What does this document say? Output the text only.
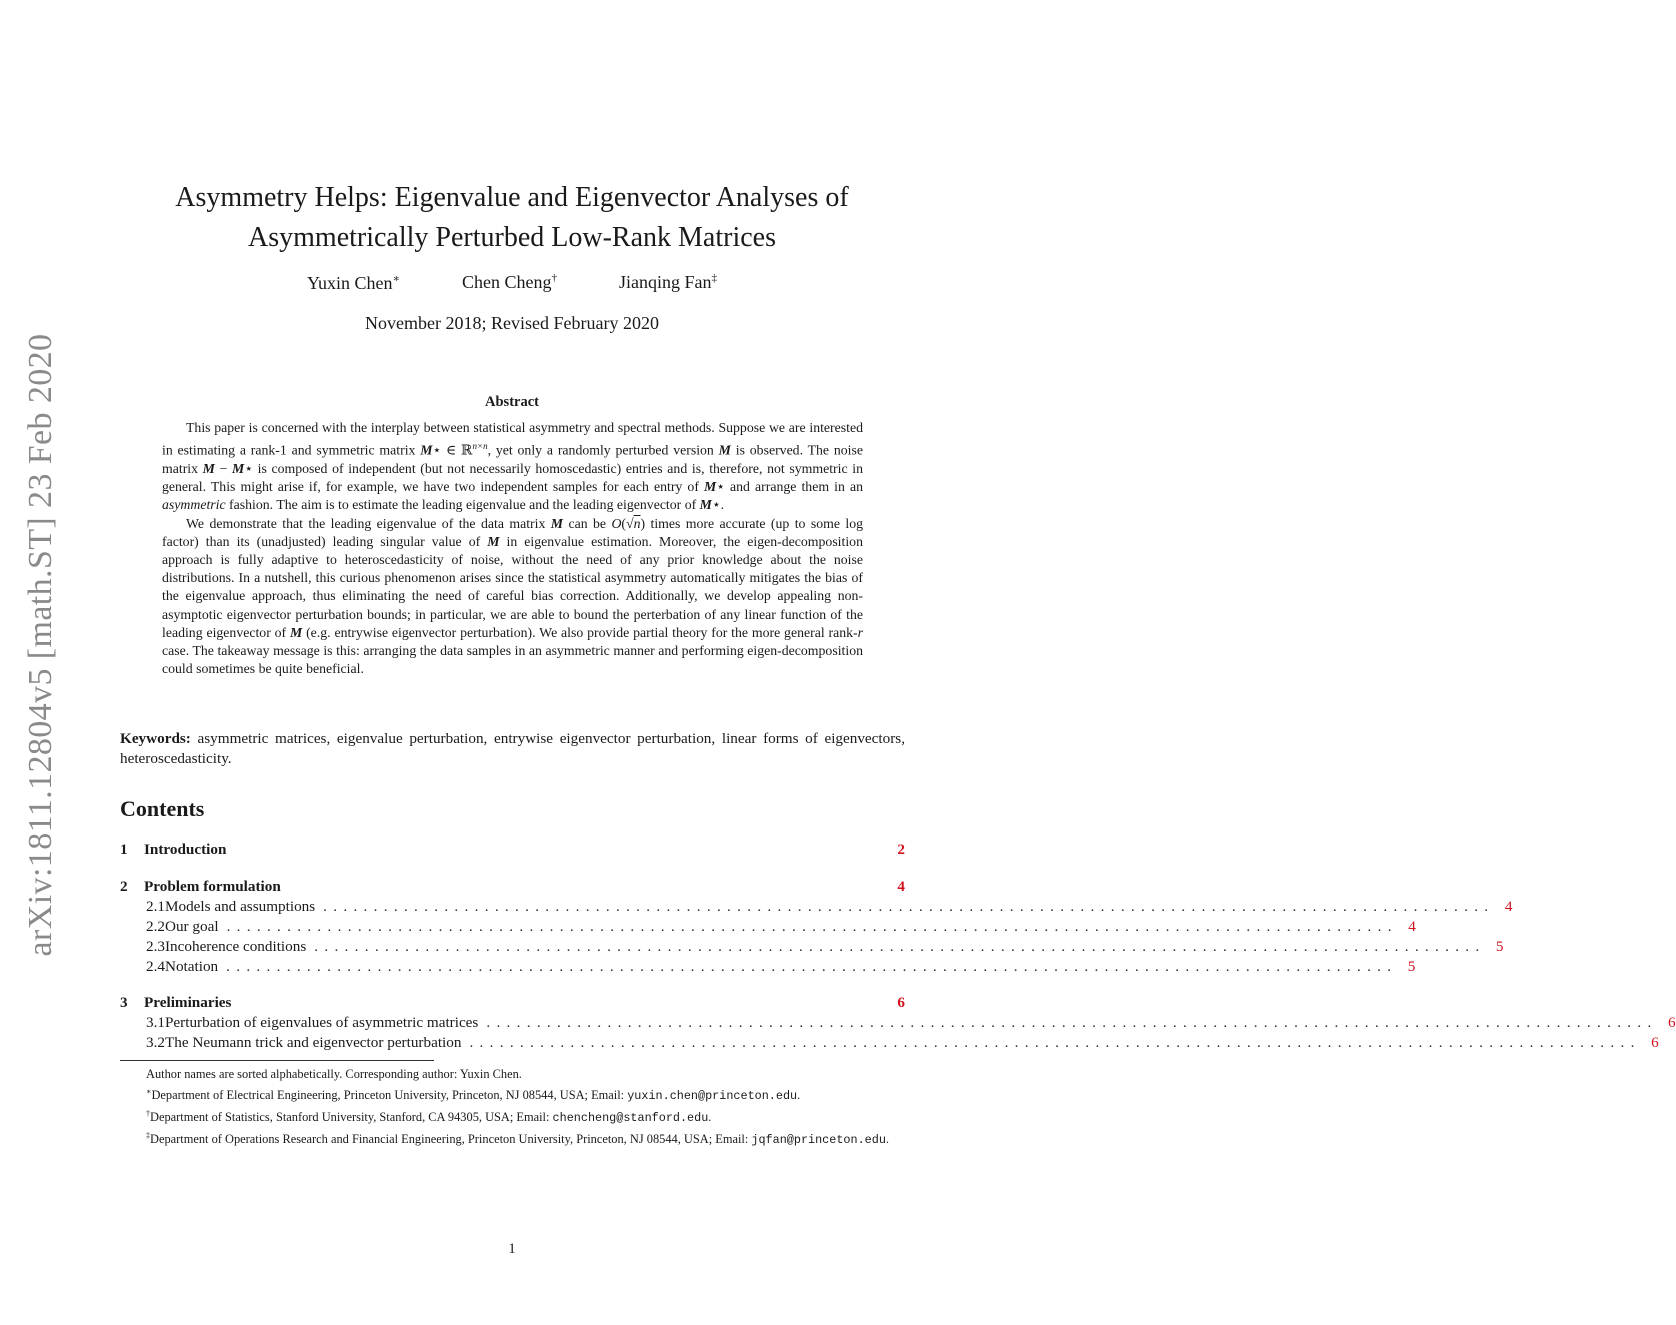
arXiv:1811.12804v5 [math.ST] 23 Feb 2020
Asymmetry Helps: Eigenvalue and Eigenvector Analyses of
Asymmetrically Perturbed Low-Rank Matrices
Yuxin Chen∗	Chen Cheng†	Jianqing Fan‡
November 2018; Revised February 2020
Abstract

This paper is concerned with the interplay between statistical asymmetry and spectral methods. Suppose we are interested in estimating a rank-1 and symmetric matrix M⋆ ∈ ℝ$^{n\times n}$, yet only a randomly perturbed version M is observed. The noise matrix M − M⋆ is composed of independent (but not necessarily homoscedastic) entries and is, therefore, not symmetric in general. This might arise if, for example, we have two independent samples for each entry of M⋆ and arrange them in an asymmetric fashion. The aim is to estimate the leading eigenvalue and the leading eigenvector of M⋆.

We demonstrate that the leading eigenvalue of the data matrix M can be O(√n) times more accurate (up to some log factor) than its (unadjusted) leading singular value of M in eigenvalue estimation. Moreover, the eigen-decomposition approach is fully adaptive to heteroscedasticity of noise, without the need of any prior knowledge about the noise distributions. In a nutshell, this curious phenomenon arises since the statistical asymmetry automatically mitigates the bias of the eigenvalue approach, thus eliminating the need of careful bias correction. Additionally, we develop appealing non-asymptotic eigenvector perturbation bounds; in particular, we are able to bound the perterbation of any linear function of the leading eigenvector of M (e.g. entrywise eigenvector perturbation). We also provide partial theory for the more general rank-r case. The takeaway message is this: arranging the data samples in an asymmetric manner and performing eigen-decomposition could sometimes be quite beneficial.

Keywords: asymmetric matrices, eigenvalue perturbation, entrywise eigenvector perturbation, linear forms of eigenvectors, heteroscedasticity.
Contents
1	Introduction	2
2	Problem formulation	4
2.1 Models and assumptions .................................................................................................................... 4
2.2 Our goal .................................................................................................................... 4
2.3 Incoherence conditions .................................................................................................................... 5
2.4 Notation .................................................................................................................... 5
3	Preliminaries	6
3.1 Perturbation of eigenvalues of asymmetric matrices .................................................................................................................... 6
3.2 The Neumann trick and eigenvector perturbation .................................................................................................................... 6

Author names are sorted alphabetically. Corresponding author: Yuxin Chen.

∗Department of Electrical Engineering, Princeton University, Princeton, NJ 08544, USA; Email: yuxin.chen@princeton.edu.

†Department of Statistics, Stanford University, Stanford, CA 94305, USA; Email: chencheng@stanford.edu.

‡Department of Operations Research and Financial Engineering, Princeton University, Princeton, NJ 08544, USA; Email: jqfan@princeton.edu.

1
